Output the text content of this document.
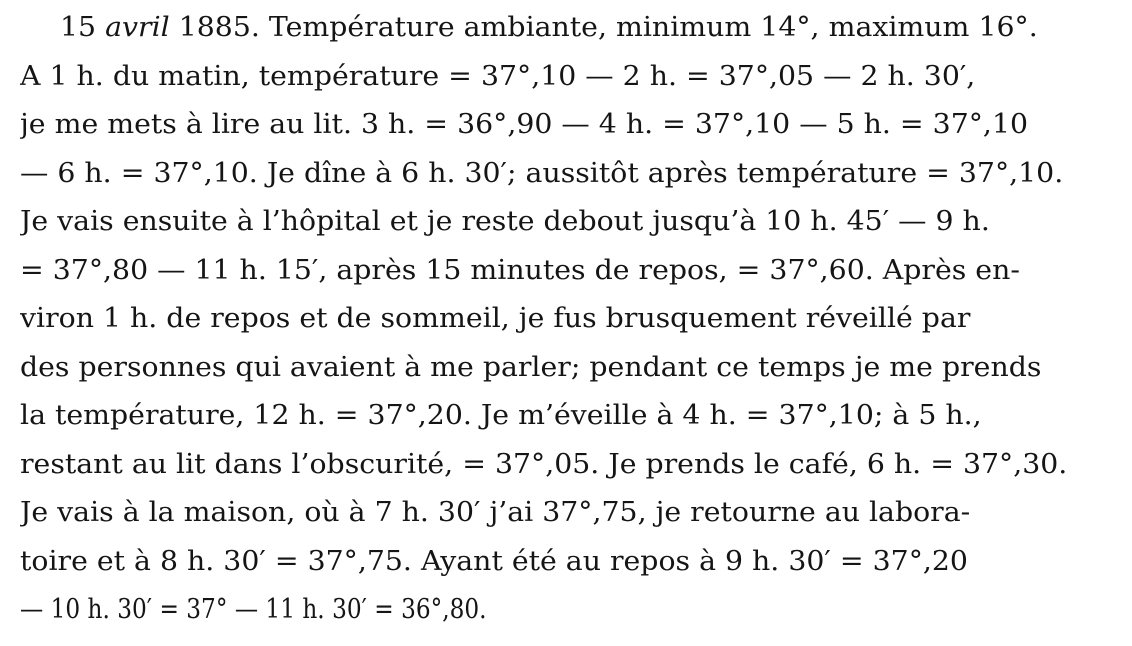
15 avril 1885. Température ambiante, minimum 14°, maximum 16°.
A 1 h. du matin, température = 37°,10 — 2 h. = 37°,05 — 2 h. 30′,
je me mets à lire au lit. 3 h. = 36°,90 — 4 h. = 37°,10 — 5 h. = 37°,10
— 6 h. = 37°,10. Je dîne à 6 h. 30′; aussitôt après température = 37°,10.
Je vais ensuite à l’hôpital et je reste debout jusqu’à 10 h. 45′ — 9 h.
= 37°,80 — 11 h. 15′, après 15 minutes de repos, = 37°,60. Après en-
viron 1 h. de repos et de sommeil, je fus brusquement réveillé par
des personnes qui avaient à me parler; pendant ce temps je me prends
la température, 12 h. = 37°,20. Je m’éveille à 4 h. = 37°,10; à 5 h.,
restant au lit dans l’obscurité, = 37°,05. Je prends le café, 6 h. = 37°,30.
Je vais à la maison, où à 7 h. 30′ j’ai 37°,75, je retourne au labora-
toire et à 8 h. 30′ = 37°,75. Ayant été au repos à 9 h. 30′ = 37°,20
— 10 h. 30′ = 37° — 11 h. 30′ = 36°,80.
